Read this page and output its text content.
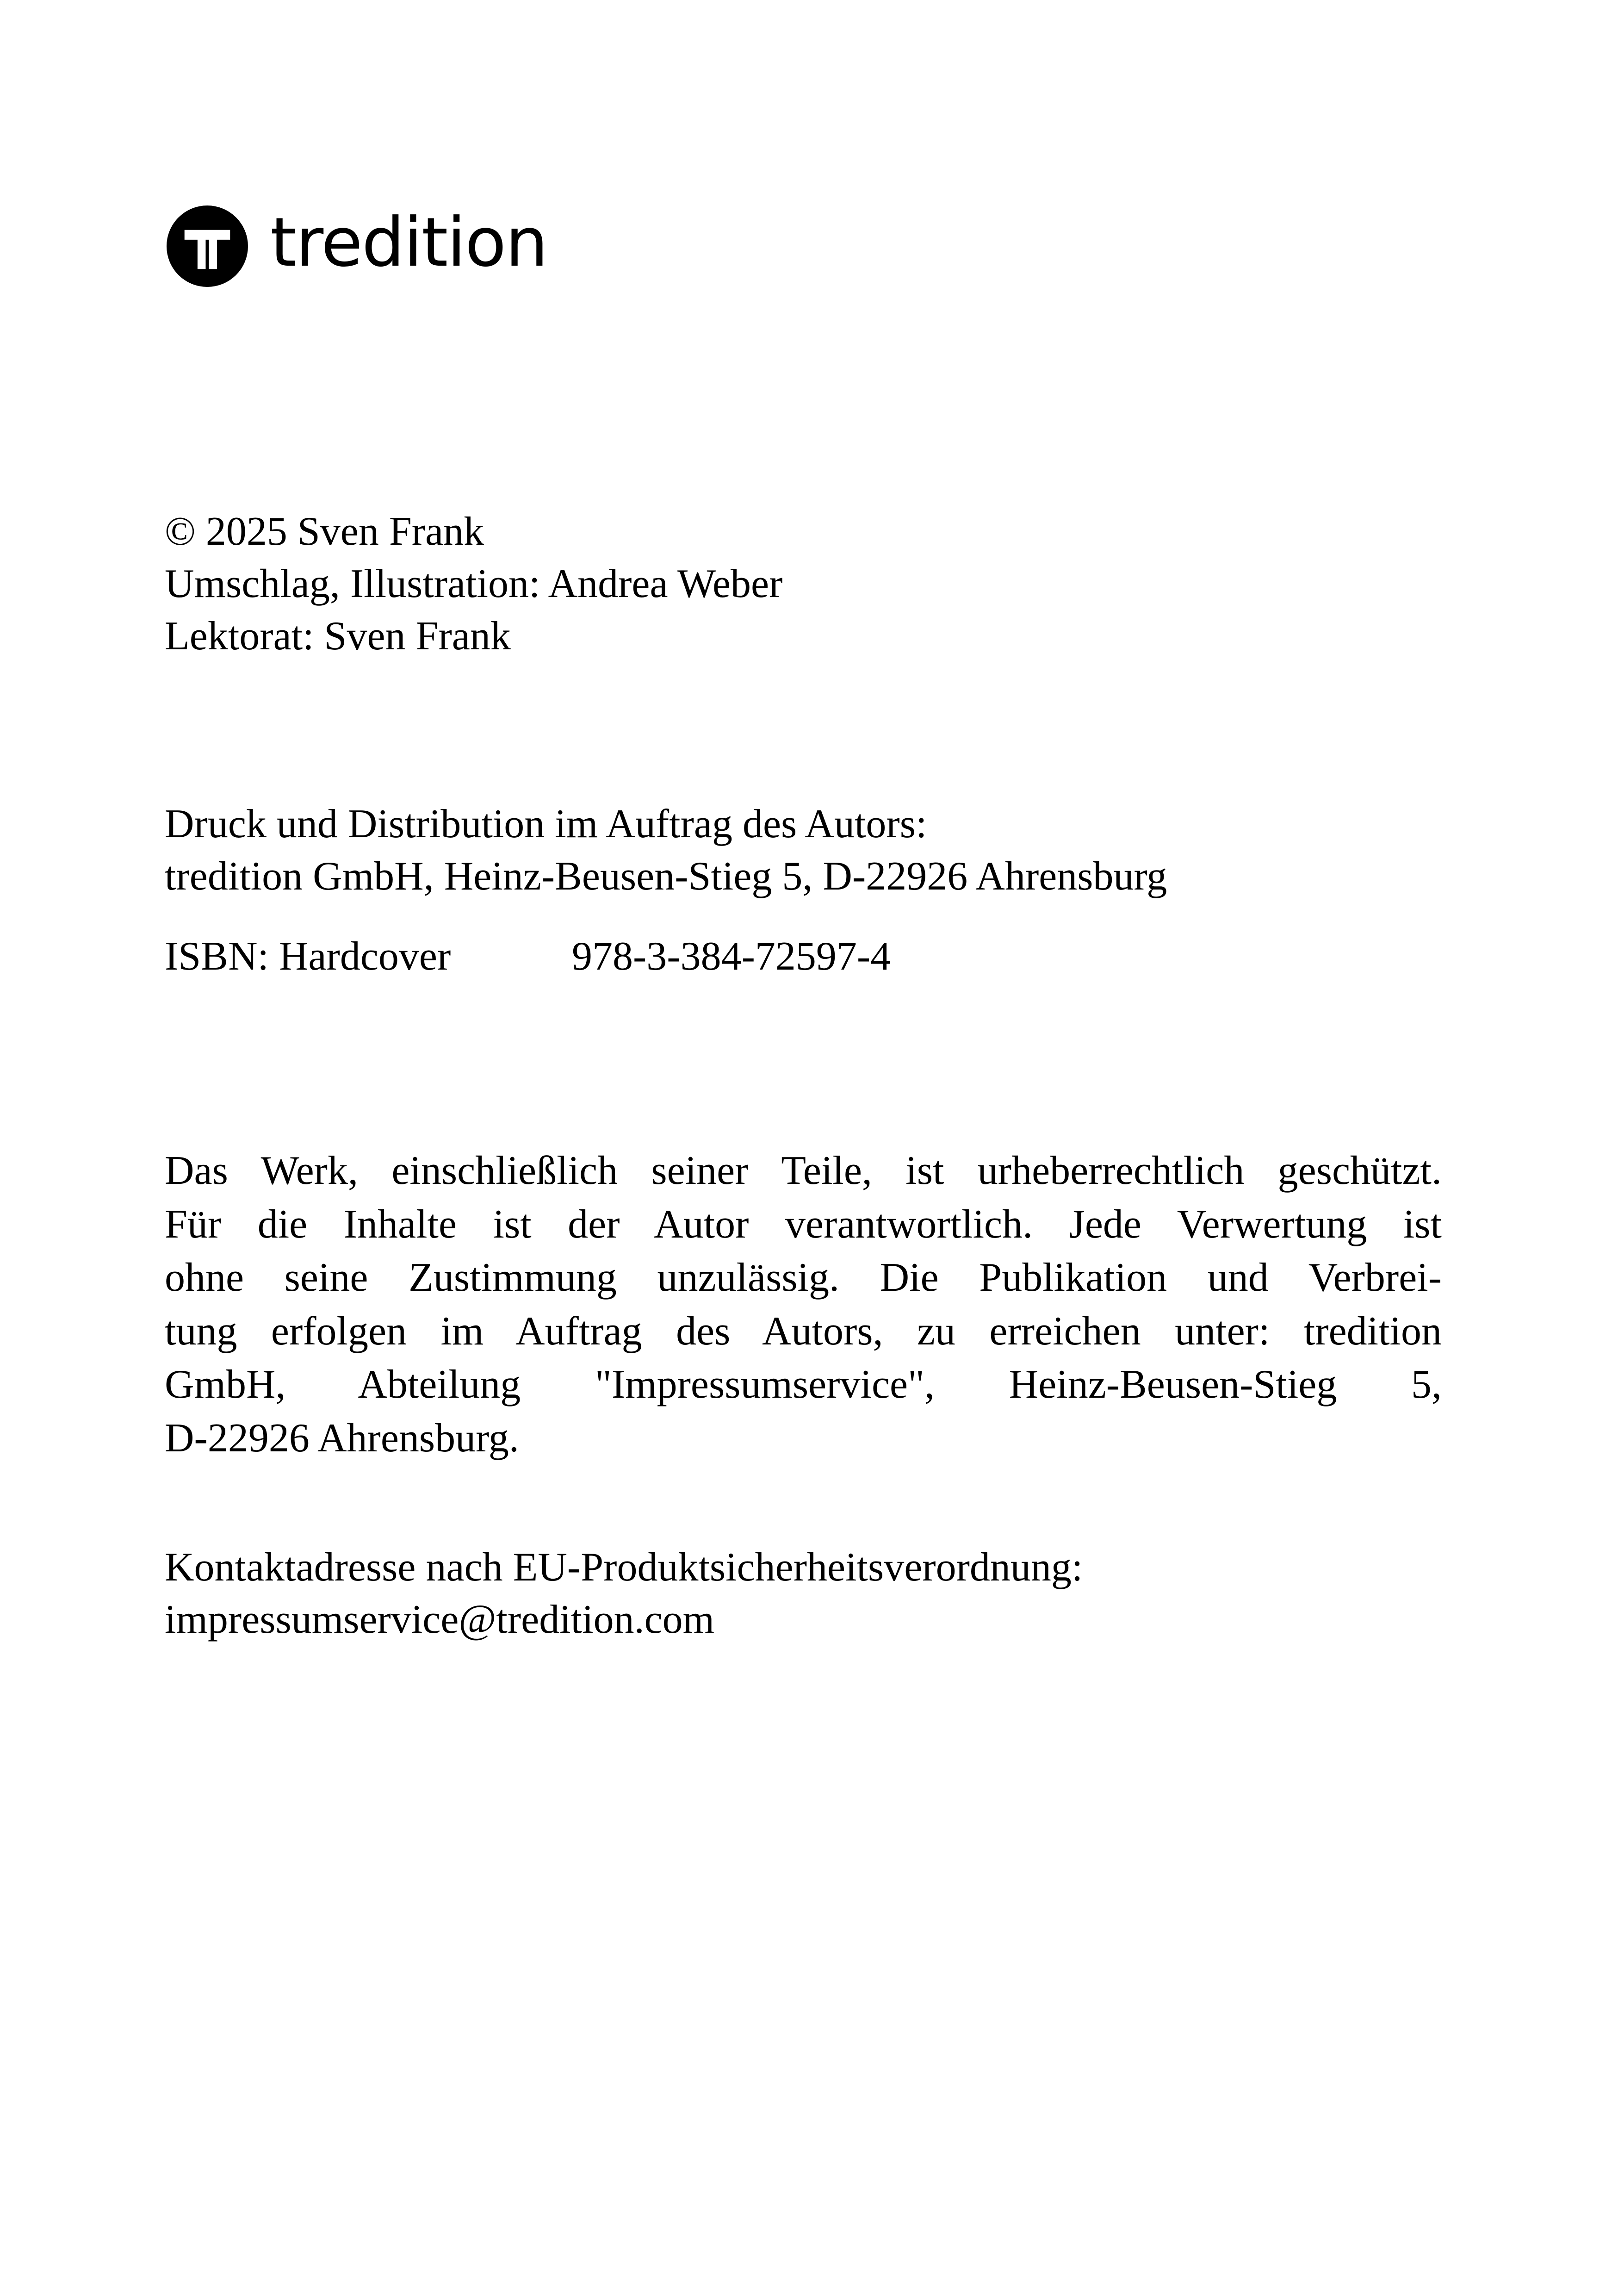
tredition
© 2025 Sven Frank
Umschlag, Illustration: Andrea Weber
Lektorat: Sven Frank
Druck und Distribution im Auftrag des Autors:
tredition GmbH, Heinz-Beusen-Stieg 5, D-22926 Ahrensburg
ISBN: Hardcover	978-3-384-72597-4
Das Werk, einschließlich seiner Teile, ist urheberrechtlich geschützt.
Für die Inhalte ist der Autor verantwortlich. Jede Verwertung ist
ohne seine Zustimmung unzulässig. Die Publikation und Verbrei-
tung erfolgen im Auftrag des Autors, zu erreichen unter: tredition
GmbH, Abteilung "Impressumservice", Heinz-Beusen-Stieg 5,
D-22926 Ahrensburg.
Kontaktadresse nach EU-Produktsicherheitsverordnung:
impressumservice@tredition.com
